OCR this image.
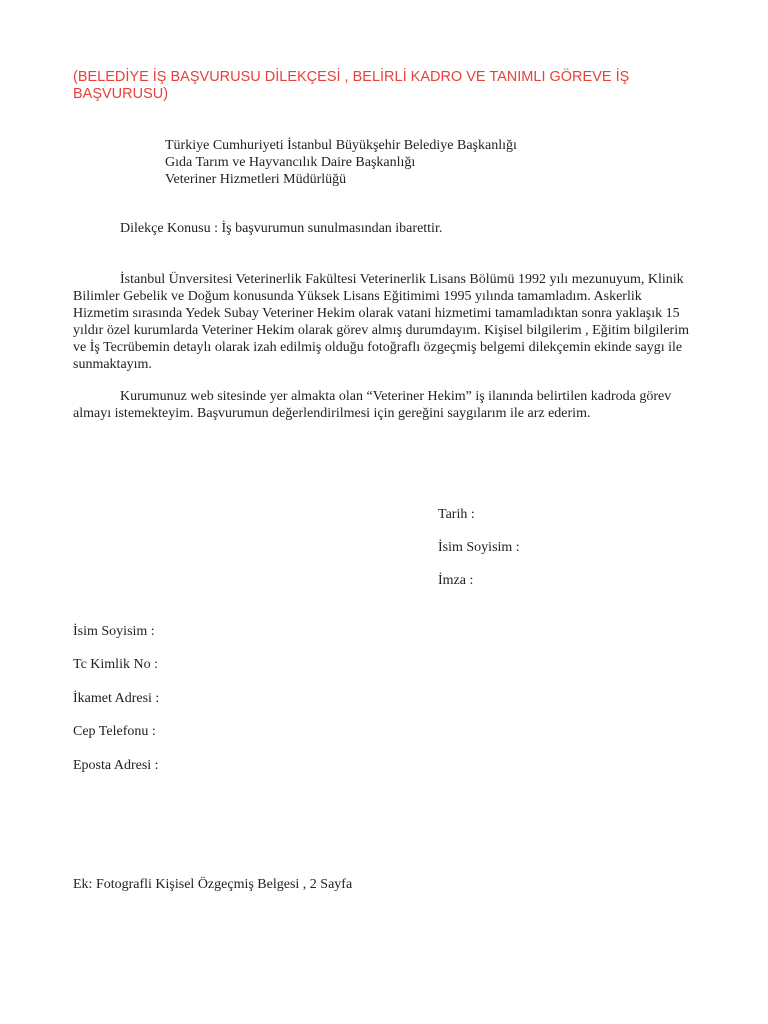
(BELEDİYE İŞ BAŞVURUSU DİLEKÇESİ , BELİRLİ KADRO VE TANIMLI GÖREVE İŞ BAŞVURUSU)

Türkiye Cumhuriyeti İstanbul Büyükşehir Belediye Başkanlığı
Gıda Tarım ve Hayvancılık Daire Başkanlığı
Veteriner Hizmetleri Müdürlüğü

Dilekçe Konusu : İş başvurumun sunulmasından ibarettir.

İstanbul Ünversitesi Veterinerlik Fakültesi Veterinerlik Lisans Bölümü 1992 yılı mezunuyum, Klinik Bilimler Gebelik ve Doğum konusunda Yüksek Lisans Eğitimimi 1995 yılında tamamladım. Askerlik Hizmetim sırasında Yedek Subay Veteriner Hekim olarak vatani hizmetimi tamamladıktan sonra yaklaşık 15 yıldır özel kurumlarda Veteriner Hekim olarak görev almış durumdayım. Kişisel bilgilerim , Eğitim bilgilerim ve İş Tecrübemin detaylı olarak izah edilmiş olduğu fotoğraflı özgeçmiş belgemi dilekçemin ekinde saygı ile sunmaktayım.

Kurumunuz web sitesinde yer almakta olan “Veteriner Hekim” iş ilanında belirtilen kadroda görev almayı istemekteyim. Başvurumun değerlendirilmesi için gereğini saygılarım ile arz ederim.

Tarih :

İsim Soyisim :

İmza :

İsim Soyisim :

Tc Kimlik No :

İkamet Adresi :

Cep Telefonu :

Eposta Adresi :

Ek: Fotografli Kişisel Özgeçmiş Belgesi , 2 Sayfa
